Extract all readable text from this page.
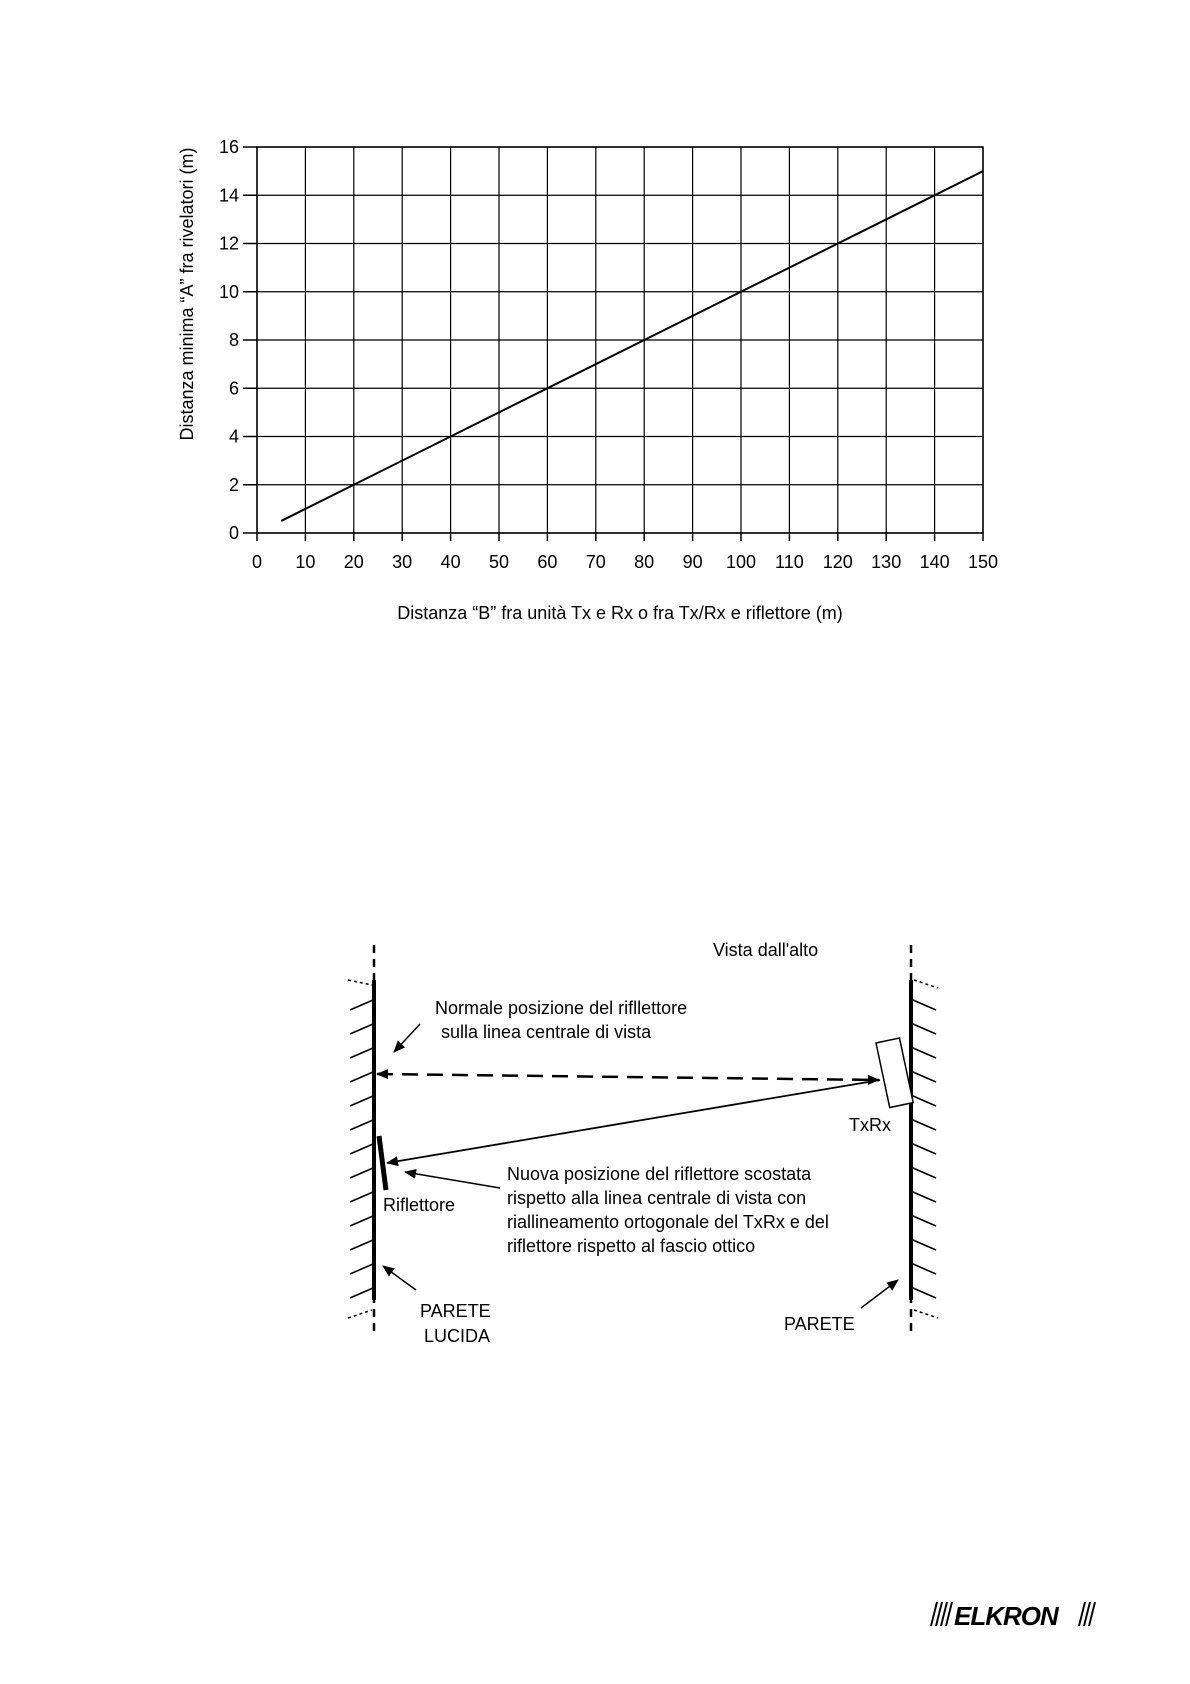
0 10 20 30 40 50 60 70 80 90 100 110 120 130 140 150
0
2
4
6
8
10
12
14
16
Distanza minima “A” fra rivelatori (m)
Distanza “B” fra unità Tx e Rx o fra Tx/Rx e riflettore (m)
Vista dall'alto
Normale posizione del rifllettore
sulla linea centrale di vista
TxRx
Riflettore
Nuova posizione del riflettore scostata
rispetto alla linea centrale di vista con
riallineamento ortogonale del TxRx e del
riflettore rispetto al fascio ottico
PARETE
LUCIDA
PARETE
ELKRON
